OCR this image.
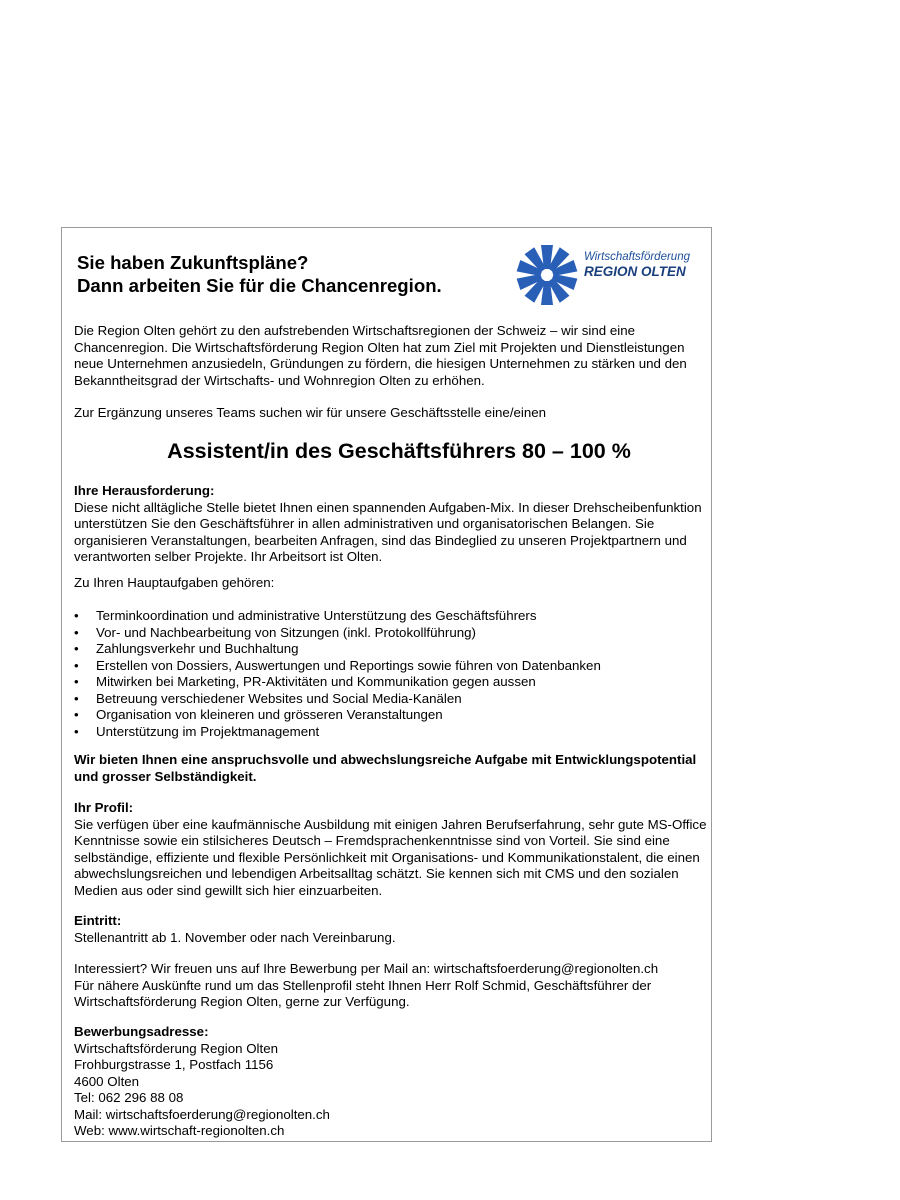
Sie haben Zukunftspläne?
Dann arbeiten Sie für die Chancenregion.
Wirtschaftsförderung
REGION OLTEN
Die Region Olten gehört zu den aufstrebenden Wirtschaftsregionen der Schweiz – wir sind eine Chancenregion. Die Wirtschaftsförderung Region Olten hat zum Ziel mit Projekten und Dienstleistungen neue Unternehmen anzusiedeln, Gründungen zu fördern, die hiesigen Unternehmen zu stärken und den Bekanntheitsgrad der Wirtschafts- und Wohnregion Olten zu erhöhen.
Zur Ergänzung unseres Teams suchen wir für unsere Geschäftsstelle eine/einen
Assistent/in des Geschäftsführers 80 – 100 %
Ihre Herausforderung:
Diese nicht alltägliche Stelle bietet Ihnen einen spannenden Aufgaben-Mix. In dieser Drehscheibenfunktion unterstützen Sie den Geschäftsführer in allen administrativen und organisatorischen Belangen. Sie organisieren Veranstaltungen, bearbeiten Anfragen, sind das Bindeglied zu unseren Projektpartnern und verantworten selber Projekte. Ihr Arbeitsort ist Olten.
Zu Ihren Hauptaufgaben gehören:
• Terminkoordination und administrative Unterstützung des Geschäftsführers
• Vor- und Nachbearbeitung von Sitzungen (inkl. Protokollführung)
• Zahlungsverkehr und Buchhaltung
• Erstellen von Dossiers, Auswertungen und Reportings sowie führen von Datenbanken
• Mitwirken bei Marketing, PR-Aktivitäten und Kommunikation gegen aussen
• Betreuung verschiedener Websites und Social Media-Kanälen
• Organisation von kleineren und grösseren Veranstaltungen
• Unterstützung im Projektmanagement
Wir bieten Ihnen eine anspruchsvolle und abwechslungsreiche Aufgabe mit Entwicklungspotential und grosser Selbständigkeit.
Ihr Profil:
Sie verfügen über eine kaufmännische Ausbildung mit einigen Jahren Berufserfahrung, sehr gute MS-Office Kenntnisse sowie ein stilsicheres Deutsch – Fremdsprachenkenntnisse sind von Vorteil. Sie sind eine selbständige, effiziente und flexible Persönlichkeit mit Organisations- und Kommunikationstalent, die einen abwechslungsreichen und lebendigen Arbeitsalltag schätzt. Sie kennen sich mit CMS und den sozialen Medien aus oder sind gewillt sich hier einzuarbeiten.
Eintritt:
Stellenantritt ab 1. November oder nach Vereinbarung.
Interessiert? Wir freuen uns auf Ihre Bewerbung per Mail an: wirtschaftsfoerderung@regionolten.ch
Für nähere Auskünfte rund um das Stellenprofil steht Ihnen Herr Rolf Schmid, Geschäftsführer der Wirtschaftsförderung Region Olten, gerne zur Verfügung.
Bewerbungsadresse:
Wirtschaftsförderung Region Olten
Frohburgstrasse 1, Postfach 1156
4600 Olten
Tel: 062 296 88 08
Mail: wirtschaftsfoerderung@regionolten.ch
Web: www.wirtschaft-regionolten.ch
